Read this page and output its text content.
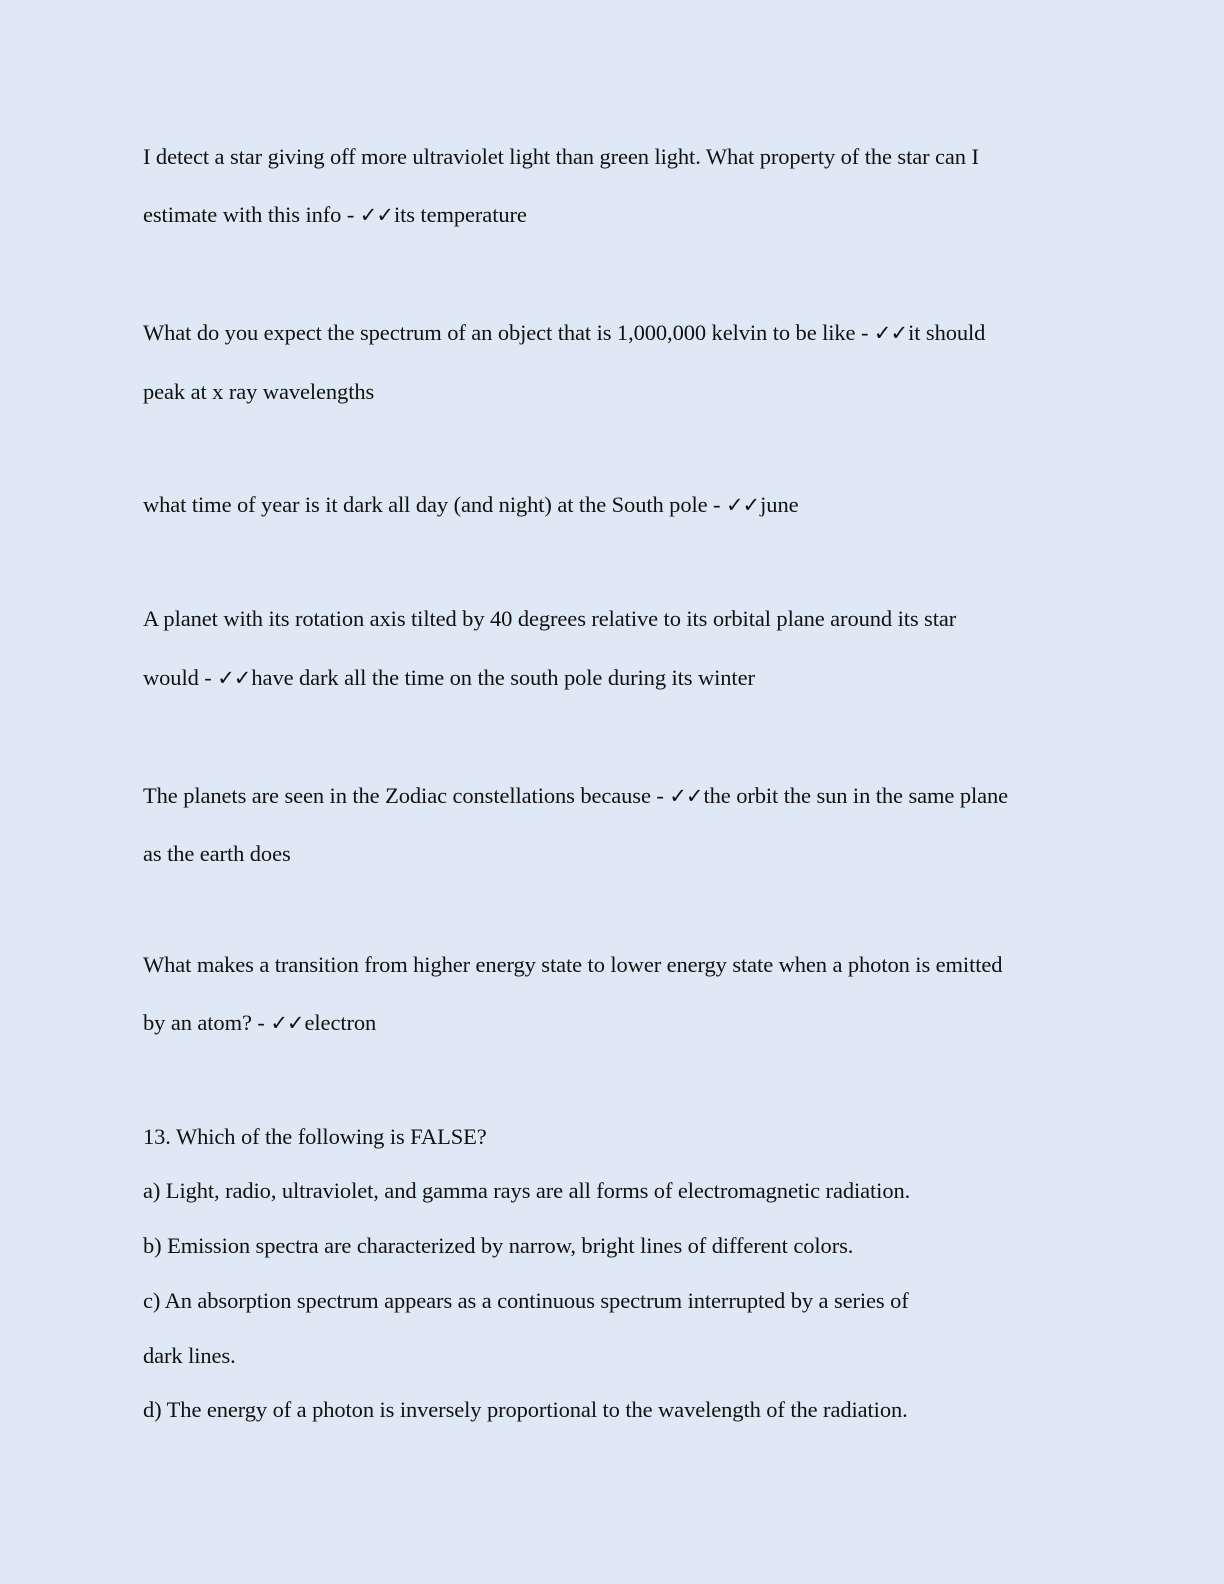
I detect a star giving off more ultraviolet light than green light. What property of the star can I
estimate with this info - ✓✓its temperature
What do you expect the spectrum of an object that is 1,000,000 kelvin to be like - ✓✓it should
peak at x ray wavelengths
what time of year is it dark all day (and night) at the South pole - ✓✓june
A planet with its rotation axis tilted by 40 degrees relative to its orbital plane around its star
would - ✓✓have dark all the time on the south pole during its winter
The planets are seen in the Zodiac constellations because - ✓✓the orbit the sun in the same plane
as the earth does
What makes a transition from higher energy state to lower energy state when a photon is emitted
by an atom? - ✓✓electron
13. Which of the following is FALSE?
a) Light, radio, ultraviolet, and gamma rays are all forms of electromagnetic radiation.
b) Emission spectra are characterized by narrow, bright lines of different colors.
c) An absorption spectrum appears as a continuous spectrum interrupted by a series of
dark lines.
d) The energy of a photon is inversely proportional to the wavelength of the radiation.
